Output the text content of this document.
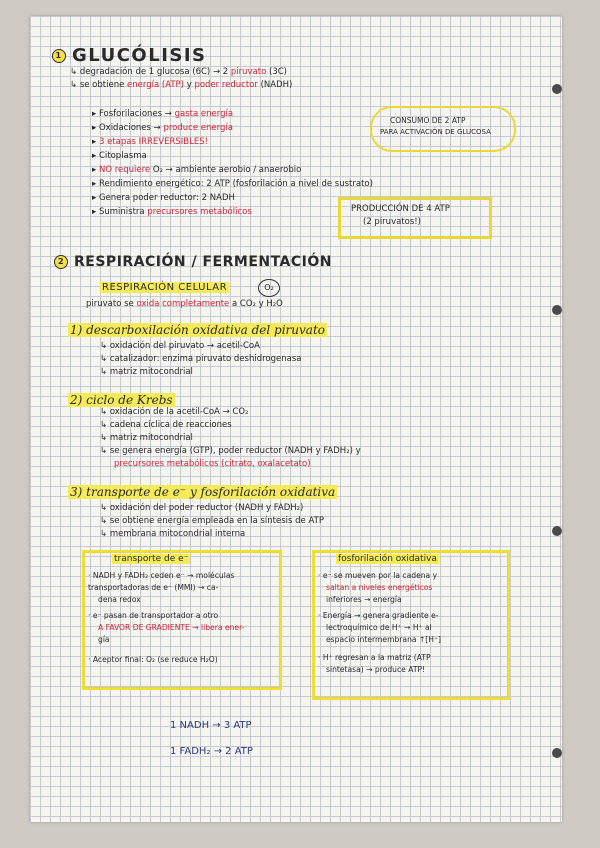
1 GLUCÓLISIS
↳ degradación de 1 glucosa (6C) → 2 piruvato (3C)
↳ se obtiene energía (ATP) y poder reductor (NADH)
▸ Fosforilaciones → gasta energía
▸ Oxidaciones → produce energía
▸ 3 etapas IRREVERSIBLES!
▸ Citoplasma
▸ NO requiere O₂ → ambiente aerobio / anaerobio
▸ Rendimiento energético: 2 ATP (fosforilación a nivel de sustrato)
▸ Genera poder reductor: 2 NADH
▸ Suministra precursores metabólicos
CONSUMO DE 2 ATP
PARA ACTIVACIÓN DE GLUCOSA
PRODUCCIÓN DE 4 ATP
(2 piruvatos!)
2 RESPIRACIÓN / FERMENTACIÓN
RESPIRACIÓN CELULAR	O₂
piruvato se oxida completamente a CO₂ y H₂O
1) descarboxilación oxidativa del piruvato
↳ oxidación del piruvato → acetil-CoA
↳ catalizador: enzima piruvato deshidrogenasa
↳ matriz mitocondrial
2) ciclo de Krebs
↳ oxidación de la acetil-CoA → CO₂
↳ cadena cíclica de reacciones
↳ matriz mitocondrial
↳ se genera energía (GTP), poder reductor (NADH y FADH₂) y
precursores metabólicos (citrato, oxalacetato)
3) transporte de e⁻ y fosforilación oxidativa
↳ oxidación del poder reductor (NADH y FADH₂)
↳ se obtiene energía empleada en la síntesis de ATP
↳ membrana mitocondrial interna
transporte de e⁻
· NADH y FADH₂ ceden e⁻ → moléculas
transportadoras de e⁻ (MMI) → ca-
dena redox
· e⁻ pasan de transportador a otro
A FAVOR DE GRADIENTE → libera ener-
gía
· Aceptor final: O₂ (se reduce H₂O)
fosforilación oxidativa
· e⁻ se mueven por la cadena y
saltan a niveles energéticos
inferiores → energía
· Energía → genera gradiente e-
lectroquímico de H⁺ → H⁺ al
espacio intermembrana ↑[H⁺]
· H⁺ regresan a la matriz (ATP
sintetasa) → produce ATP!
1 NADH → 3 ATP
1 FADH₂ → 2 ATP
